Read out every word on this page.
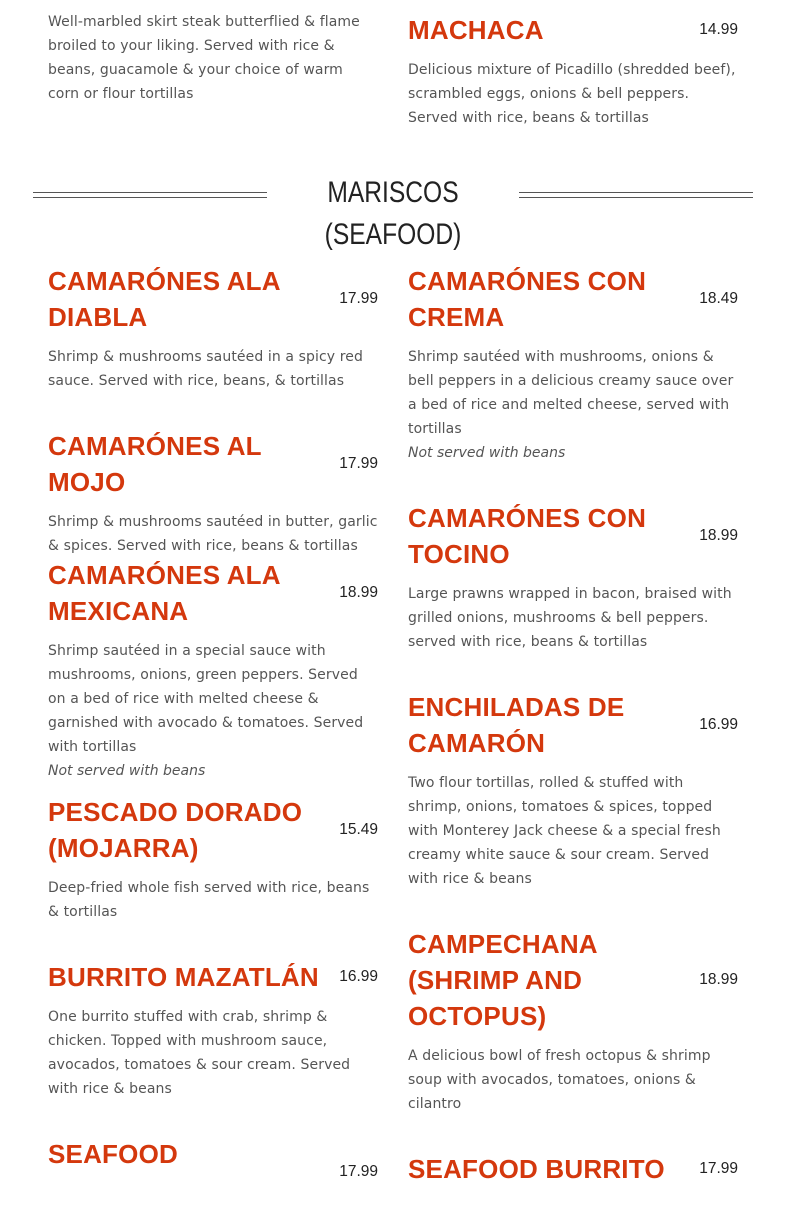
Well-marbled skirt steak butterflied & flame broiled to your liking. Served with rice & beans, guacamole & your choice of warm corn or flour tortillas

MACHACA	14.99

Delicious mixture of Picadillo (shredded beef), scrambled eggs, onions & bell peppers. Served with rice, beans & tortillas

MARISCOS (SEAFOOD)
CAMARÓNES ALA DIABLA
17.99

Shrimp & mushrooms sautéed in a spicy red sauce. Served with rice, beans, & tortillas

CAMARÓNES AL MOJO
17.99

Shrimp & mushrooms sautéed in butter, garlic & spices. Served with rice, beans & tortillas

CAMARÓNES ALA MEXICANA
18.99

Shrimp sautéed in a special sauce with mushrooms, onions, green peppers. Served on a bed of rice with melted cheese & garnished with avocado & tomatoes. Served with tortillas

Not served with beans

PESCADO DORADO (MOJARRA)
15.49

Deep-fried whole fish served with rice, beans & tortillas

BURRITO MAZATLÁN	16.99

One burrito stuffed with crab, shrimp & chicken. Topped with mushroom sauce, avocados, tomatoes & sour cream. Served with rice & beans

SEAFOOD
17.99
CAMARÓNES CON CREMA
18.49

Shrimp sautéed with mushrooms, onions & bell peppers in a delicious creamy sauce over a bed of rice and melted cheese, served with tortillas

Not served with beans

CAMARÓNES CON TOCINO
18.99

Large prawns wrapped in bacon, braised with grilled onions, mushrooms & bell peppers. served with rice, beans & tortillas

ENCHILADAS DE CAMARÓN
16.99

Two flour tortillas, rolled & stuffed with shrimp, onions, tomatoes & spices, topped with Monterey Jack cheese & a special fresh creamy white sauce & sour cream. Served with rice & beans

CAMPECHANA (SHRIMP AND OCTOPUS)
18.99

A delicious bowl of fresh octopus & shrimp soup with avocados, tomatoes, onions & cilantro

SEAFOOD BURRITO	17.99
